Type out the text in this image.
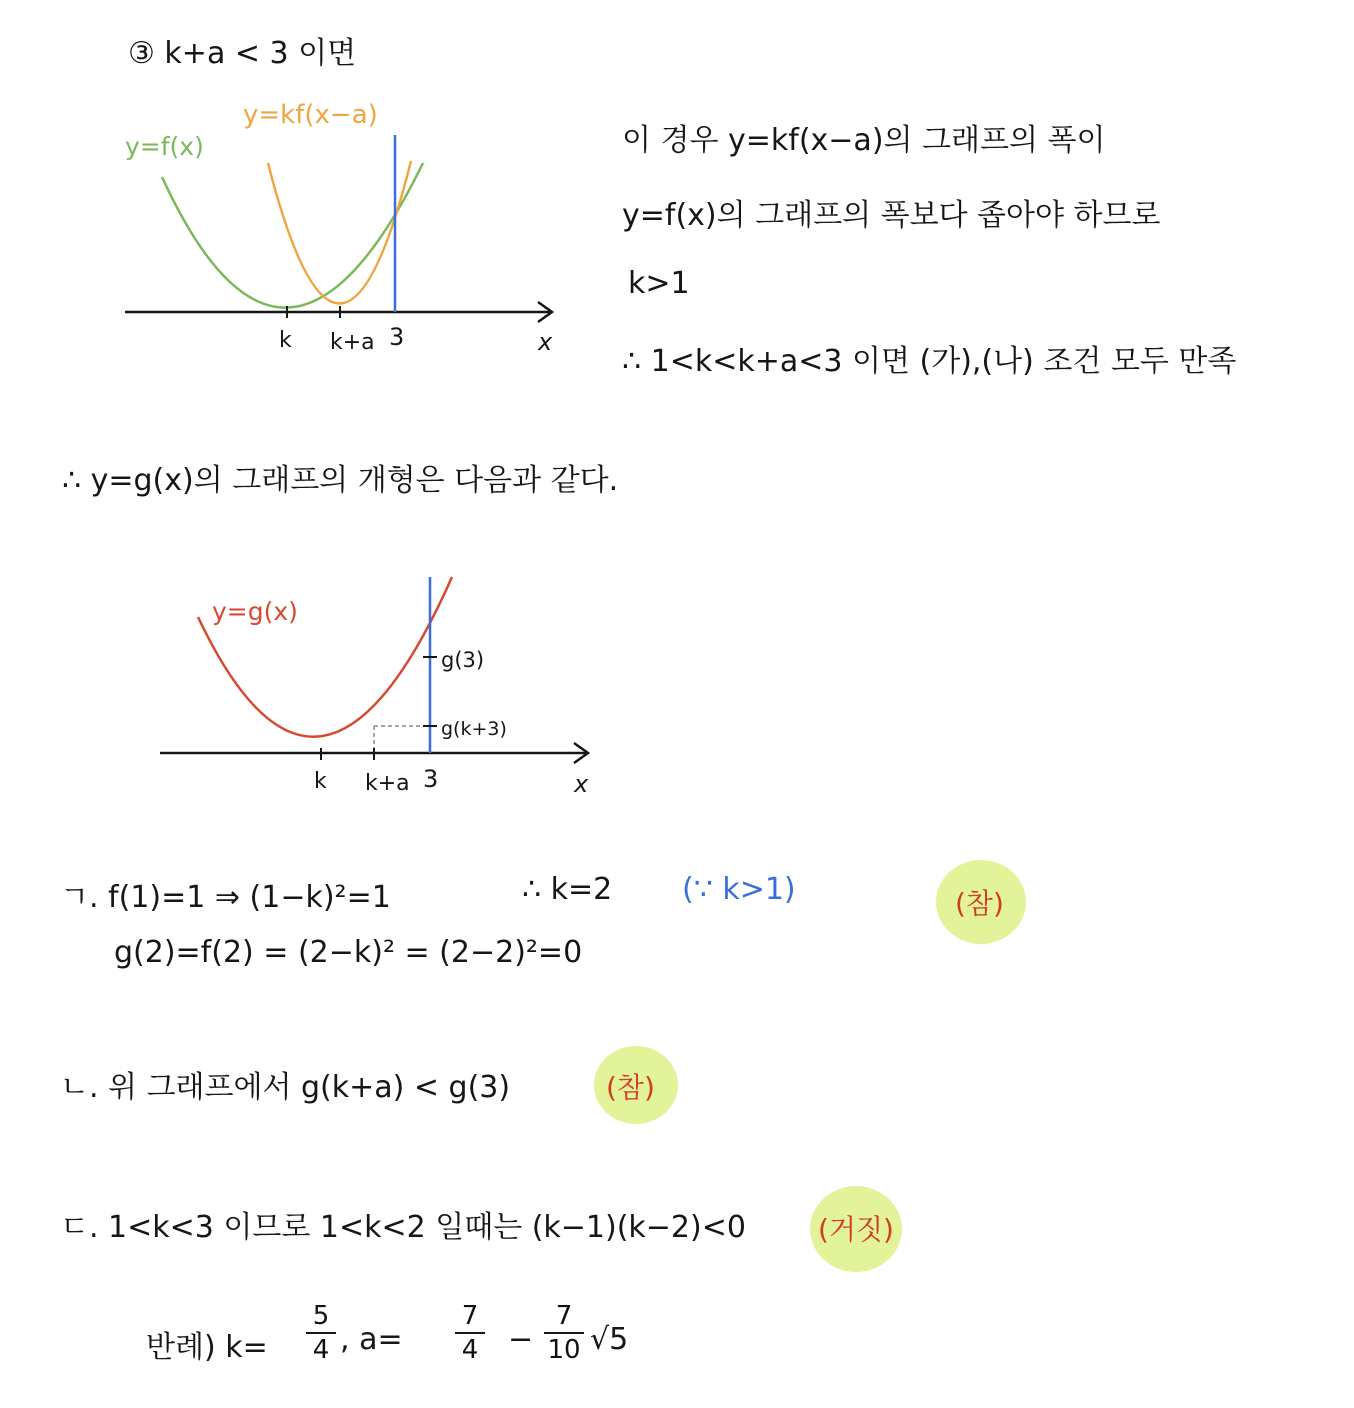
③ k+a < 3 이면
y=f(x)
y=kf(x−a)
k k+a 3	x
이 경우 y=kf(x−a)의 그래프의 폭이
y=f(x)의 그래프의 폭보다 좁아야 하므로
k>1
∴ 1<k<k+a<3 이면 (가),(나) 조건 모두 만족
∴ y=g(x)의 그래프의 개형은 다음과 같다.
y=g(x)
g(3)
g(k+3)
k k+a 3	x
ㄱ. f(1)=1 ⇒ (1−k)²=1	∴ k=2 (∵ k>1)
g(2)=f(2) = (2−k)² = (2−2)²=0
(참)
ㄴ. 위 그래프에서 g(k+a) < g(3)	(참)
ㄷ. 1<k<3 이므로 1<k<2 일때는 (k−1)(k−2)<0	(거짓)
반례) k=
5
4 , a=
7
4 −
7
10 √5
